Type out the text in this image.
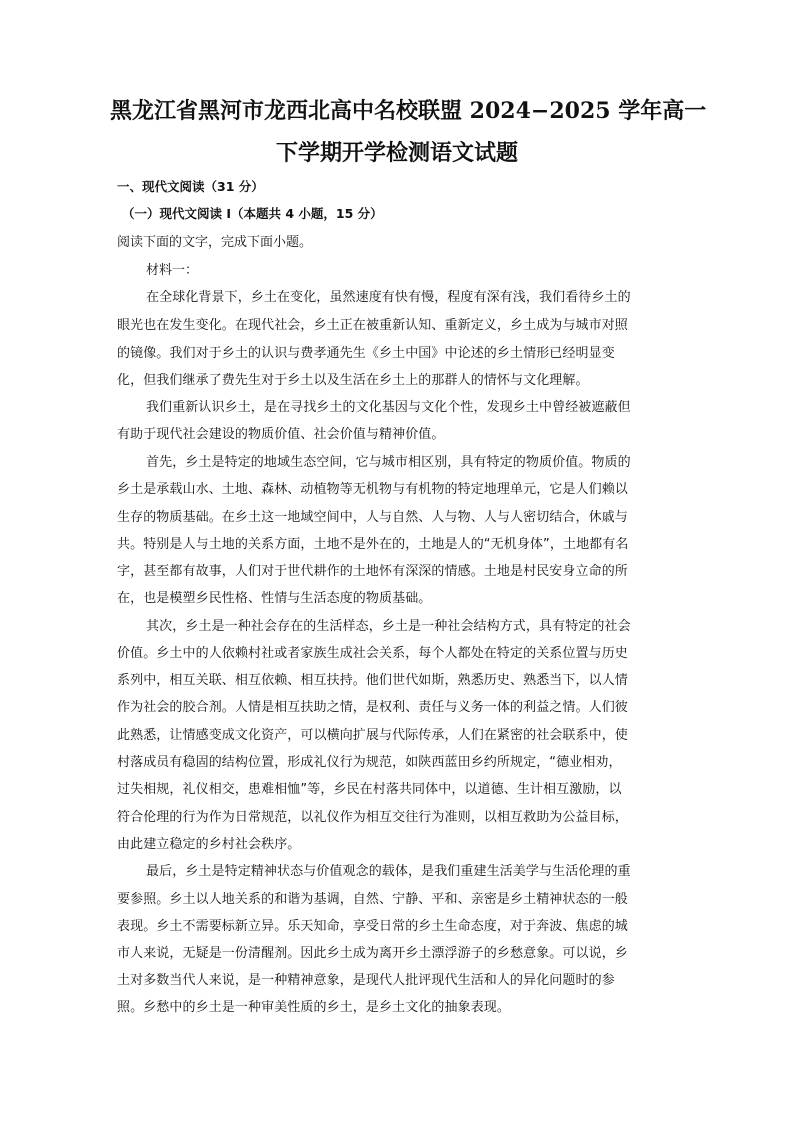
黑龙江省黑河市龙西北高中名校联盟 2024−2025 学年高一
下学期开学检测语文试题
一、现代文阅读（31 分）
（一）现代文阅读 I（本题共 4 小题，15 分）
阅读下面的文字，完成下面小题。
材料一：
在全球化背景下，乡土在变化，虽然速度有快有慢，程度有深有浅，我们看待乡土的
眼光也在发生变化。在现代社会，乡土正在被重新认知、重新定义，乡土成为与城市对照
的镜像。我们对于乡土的认识与费孝通先生《乡土中国》中论述的乡土情形已经明显变
化，但我们继承了费先生对于乡土以及生活在乡土上的那群人的情怀与文化理解。
我们重新认识乡土，是在寻找乡土的文化基因与文化个性，发现乡土中曾经被遮蔽但
有助于现代社会建设的物质价值、社会价值与精神价值。
首先，乡土是特定的地域生态空间，它与城市相区别，具有特定的物质价值。物质的
乡土是承载山水、土地、森林、动植物等无机物与有机物的特定地理单元，它是人们赖以
生存的物质基础。在乡土这一地域空间中，人与自然、人与物、人与人密切结合，休戚与
共。特别是人与土地的关系方面，土地不是外在的，土地是人的“无机身体”，土地都有名
字，甚至都有故事，人们对于世代耕作的土地怀有深深的情感。土地是村民安身立命的所
在，也是模塑乡民性格、性情与生活态度的物质基础。
其次，乡土是一种社会存在的生活样态，乡土是一种社会结构方式，具有特定的社会
价值。乡土中的人依赖村社或者家族生成社会关系，每个人都处在特定的关系位置与历史
系列中，相互关联、相互依赖、相互扶持。他们世代如斯，熟悉历史、熟悉当下，以人情
作为社会的胶合剂。人情是相互扶助之情，是权利、责任与义务一体的利益之情。人们彼
此熟悉，让情感变成文化资产，可以横向扩展与代际传承，人们在紧密的社会联系中，使
村落成员有稳固的结构位置，形成礼仪行为规范，如陕西蓝田乡约所规定，“德业相劝，
过失相规，礼仪相交，患难相恤”等，乡民在村落共同体中，以道德、生计相互激励，以
符合伦理的行为作为日常规范，以礼仪作为相互交往行为准则，以相互救助为公益目标，
由此建立稳定的乡村社会秩序。
最后，乡土是特定精神状态与价值观念的载体，是我们重建生活美学与生活伦理的重
要参照。乡土以人地关系的和谐为基调，自然、宁静、平和、亲密是乡土精神状态的一般
表现。乡土不需要标新立异。乐天知命，享受日常的乡土生命态度，对于奔波、焦虑的城
市人来说，无疑是一份清醒剂。因此乡土成为离开乡土漂浮游子的乡愁意象。可以说，乡
土对多数当代人来说，是一种精神意象，是现代人批评现代生活和人的异化问题时的参
照。乡愁中的乡土是一种审美性质的乡土，是乡土文化的抽象表现。
